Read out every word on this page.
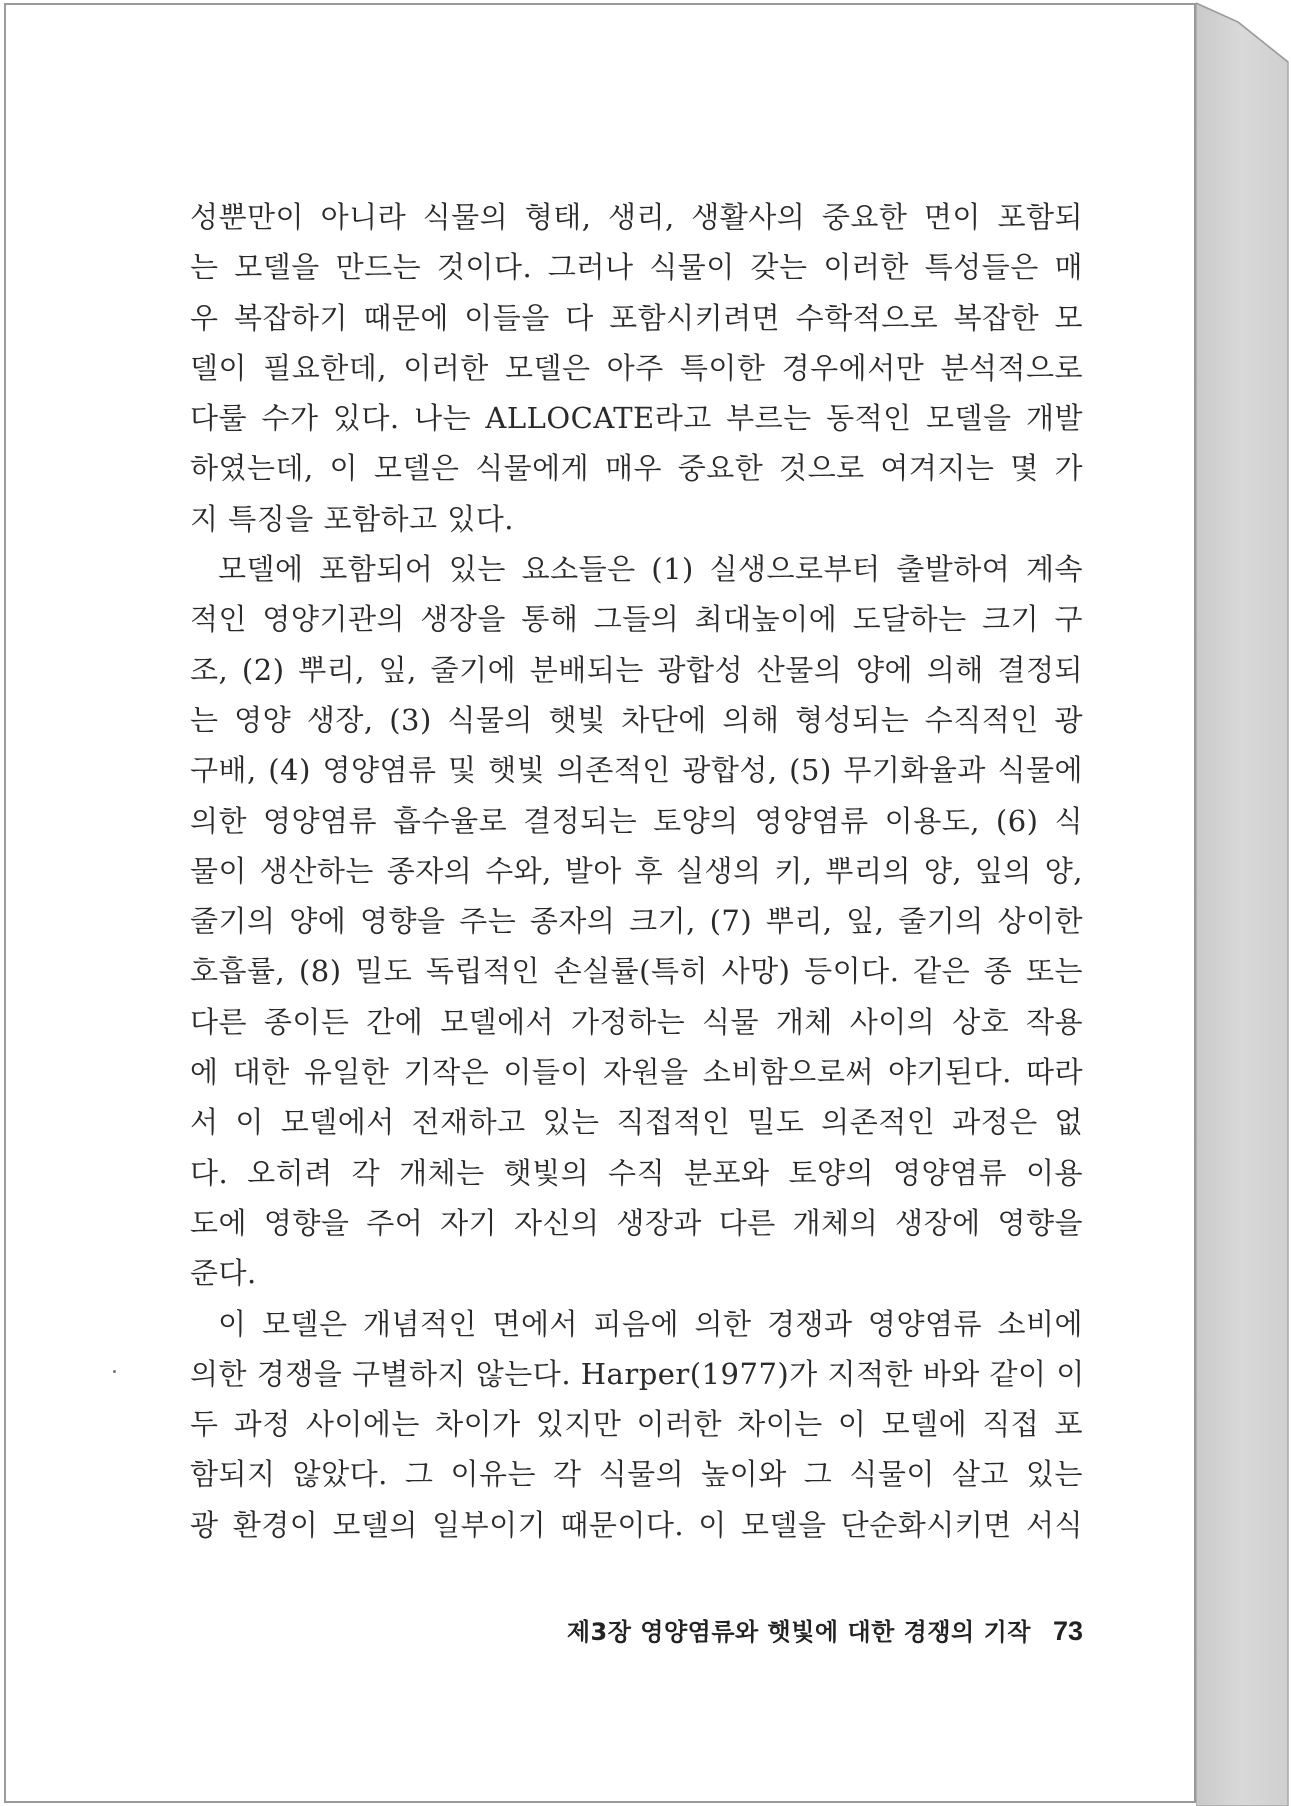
성뿐만이 아니라 식물의 형태, 생리, 생활사의 중요한 면이 포함되
는 모델을 만드는 것이다. 그러나 식물이 갖는 이러한 특성들은 매
우 복잡하기 때문에 이들을 다 포함시키려면 수학적으로 복잡한 모
델이 필요한데, 이러한 모델은 아주 특이한 경우에서만 분석적으로
다룰 수가 있다. 나는 ALLOCATE라고 부르는 동적인 모델을 개발
하였는데, 이 모델은 식물에게 매우 중요한 것으로 여겨지는 몇 가
지 특징을 포함하고 있다.
모델에 포함되어 있는 요소들은 (1) 실생으로부터 출발하여 계속
적인 영양기관의 생장을 통해 그들의 최대높이에 도달하는 크기 구
조, (2) 뿌리, 잎, 줄기에 분배되는 광합성 산물의 양에 의해 결정되
는 영양 생장, (3) 식물의 햇빛 차단에 의해 형성되는 수직적인 광
구배, (4) 영양염류 및 햇빛 의존적인 광합성, (5) 무기화율과 식물에
의한 영양염류 흡수율로 결정되는 토양의 영양염류 이용도, (6) 식
물이 생산하는 종자의 수와, 발아 후 실생의 키, 뿌리의 양, 잎의 양,
줄기의 양에 영향을 주는 종자의 크기, (7) 뿌리, 잎, 줄기의 상이한
호흡률, (8) 밀도 독립적인 손실률(특히 사망) 등이다. 같은 종 또는
다른 종이든 간에 모델에서 가정하는 식물 개체 사이의 상호 작용
에 대한 유일한 기작은 이들이 자원을 소비함으로써 야기된다. 따라
서 이 모델에서 전재하고 있는 직접적인 밀도 의존적인 과정은 없
다. 오히려 각 개체는 햇빛의 수직 분포와 토양의 영양염류 이용
도에 영향을 주어 자기 자신의 생장과 다른 개체의 생장에 영향을
준다.
이 모델은 개념적인 면에서 피음에 의한 경쟁과 영양염류 소비에
의한 경쟁을 구별하지 않는다. Harper(1977)가 지적한 바와 같이 이
두 과정 사이에는 차이가 있지만 이러한 차이는 이 모델에 직접 포
함되지 않았다. 그 이유는 각 식물의 높이와 그 식물이 살고 있는
광 환경이 모델의 일부이기 때문이다. 이 모델을 단순화시키면 서식
제3장 영양염류와 햇빛에 대한 경쟁의 기작 73
